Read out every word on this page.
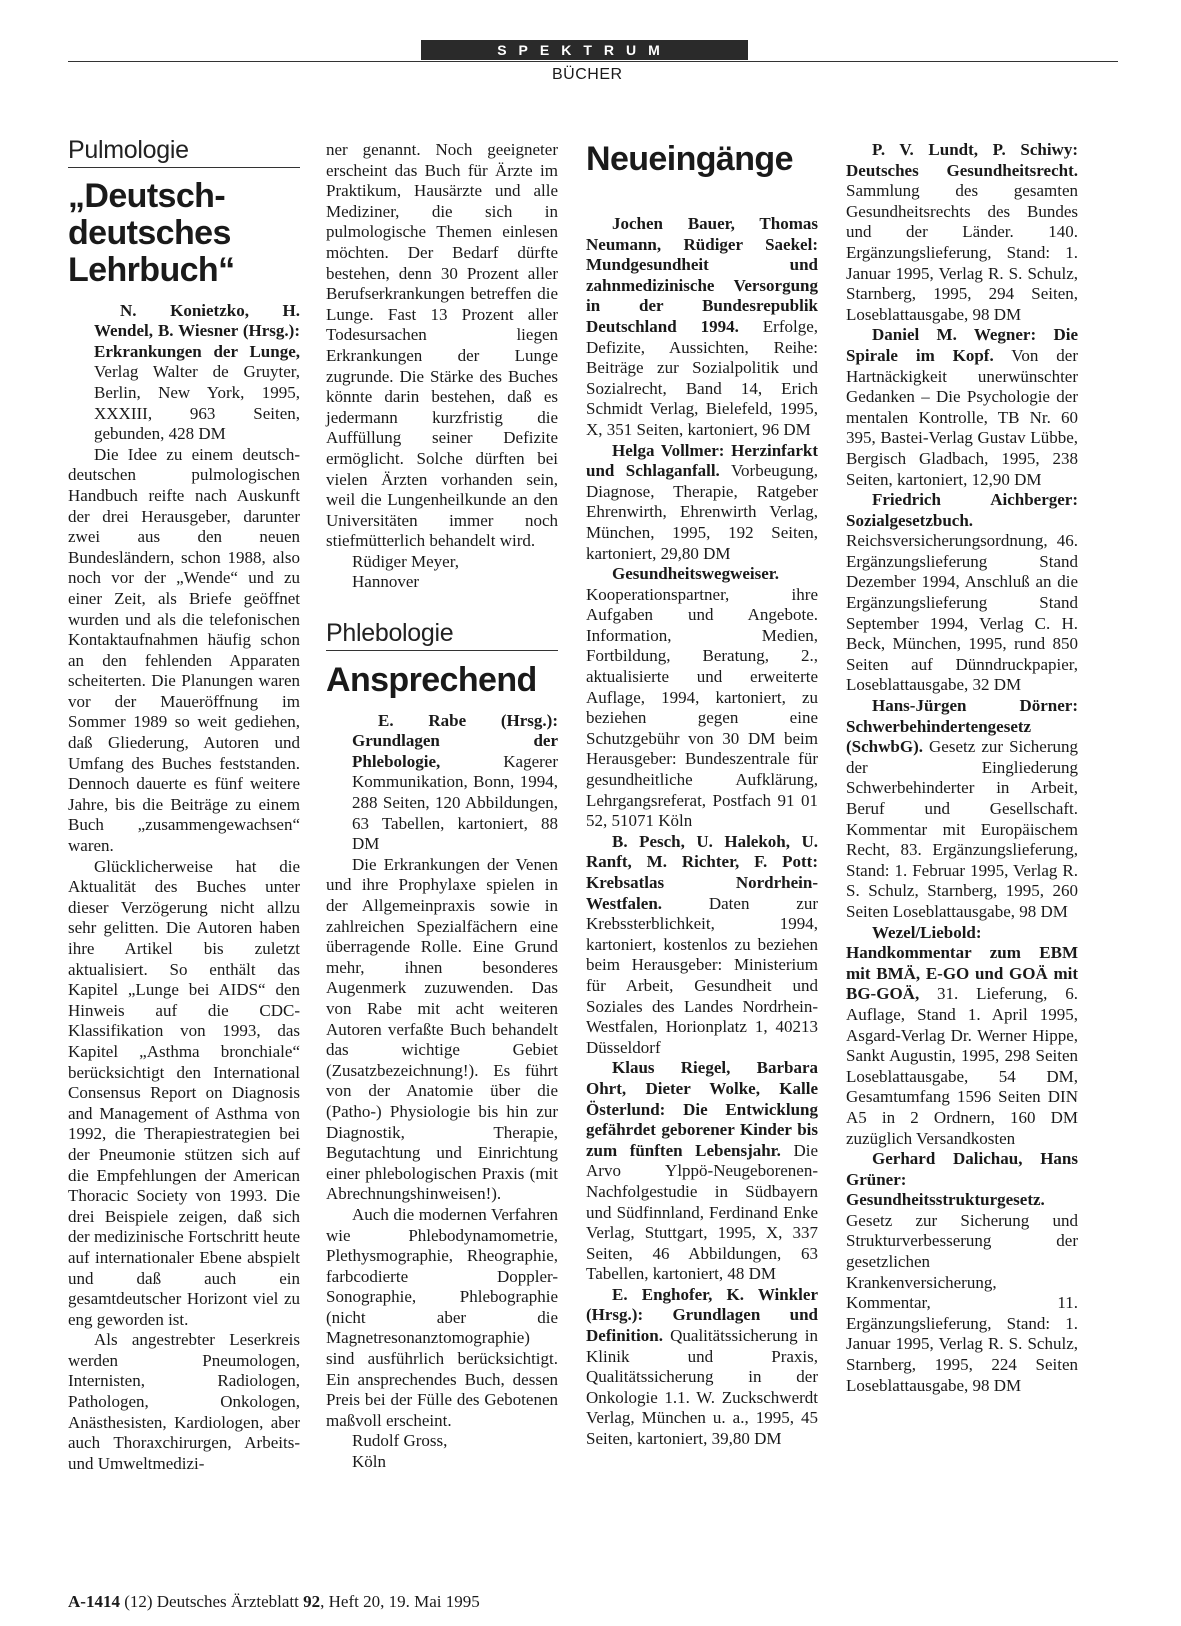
SPEKTRUM
BÜCHER
Pulmologie
„Deutsch-deutsches Lehrbuch“

N. Konietzko, H. Wendel, B. Wiesner (Hrsg.): Erkrankungen der Lunge, Verlag Walter de Gruyter, Berlin, New York, 1995, XXXIII, 963 Seiten, gebunden, 428 DM

Die Idee zu einem deutsch-deutschen pulmologischen Handbuch reifte nach Auskunft der drei Herausgeber, darunter zwei aus den neuen Bundesländern, schon 1988, also noch vor der „Wende“ und zu einer Zeit, als Briefe geöffnet wurden und als die telefonischen Kontaktaufnahmen häufig schon an den fehlenden Apparaten scheiterten. Die Planungen waren vor der Maueröffnung im Sommer 1989 so weit gediehen, daß Gliederung, Autoren und Umfang des Buches feststanden. Dennoch dauerte es fünf weitere Jahre, bis die Beiträge zu einem Buch „zusammengewachsen“ waren.

Glücklicherweise hat die Aktualität des Buches unter dieser Verzögerung nicht allzu sehr gelitten. Die Autoren haben ihre Artikel bis zuletzt aktualisiert. So enthält das Kapitel „Lunge bei AIDS“ den Hinweis auf die CDC-Klassifikation von 1993, das Kapitel „Asthma bronchiale“ berücksichtigt den International Consensus Report on Diagnosis and Management of Asthma von 1992, die Therapiestrategien bei der Pneumonie stützen sich auf die Empfehlungen der American Thoracic Society von 1993. Die drei Beispiele zeigen, daß sich der medizinische Fortschritt heute auf internationaler Ebene abspielt und daß auch ein gesamtdeutscher Horizont viel zu eng geworden ist.

Als angestrebter Leserkreis werden Pneumologen, Internisten, Radiologen, Pathologen, Onkologen, Anästhesisten, Kardiologen, aber auch Thoraxchirurgen, Arbeits- und Umweltmedizi-

ner genannt. Noch geeigneter erscheint das Buch für Ärzte im Praktikum, Hausärzte und alle Mediziner, die sich in pulmologische Themen einlesen möchten. Der Bedarf dürfte bestehen, denn 30 Prozent aller Berufserkrankungen betreffen die Lunge. Fast 13 Prozent aller Todesursachen liegen Erkrankungen der Lunge zugrunde. Die Stärke des Buches könnte darin bestehen, daß es jedermann kurzfristig die Auffüllung seiner Defizite ermöglicht. Solche dürften bei vielen Ärzten vorhanden sein, weil die Lungenheilkunde an den Universitäten immer noch stiefmütterlich behandelt wird.

Rüdiger Meyer,

Hannover

Phlebologie
Ansprechend

E. Rabe (Hrsg.): Grundlagen der Phlebologie, Kagerer Kommunikation, Bonn, 1994, 288 Seiten, 120 Abbildungen, 63 Tabellen, kartoniert, 88 DM

Die Erkrankungen der Venen und ihre Prophylaxe spielen in der Allgemeinpraxis sowie in zahlreichen Spezialfächern eine überragende Rolle. Eine Grund mehr, ihnen besonderes Augenmerk zuzuwenden. Das von Rabe mit acht weiteren Autoren verfaßte Buch behandelt das wichtige Gebiet (Zusatzbezeichnung!). Es führt von der Anatomie über die (Patho-) Physiologie bis hin zur Diagnostik, Therapie, Begutachtung und Einrichtung einer phlebologischen Praxis (mit Abrechnungshinweisen!).

Auch die modernen Verfahren wie Phlebodynamometrie, Plethysmographie, Rheographie, farbcodierte Doppler-Sonographie, Phlebographie (nicht aber die Magnetresonanztomographie) sind ausführlich berücksichtigt. Ein ansprechendes Buch, dessen Preis bei der Fülle des Gebotenen maßvoll erscheint.

Rudolf Gross,

Köln

Neueingänge

Jochen Bauer, Thomas Neumann, Rüdiger Saekel: Mundgesundheit und zahnmedizinische Versorgung in der Bundesrepublik Deutschland 1994. Erfolge, Defizite, Aussichten, Reihe: Beiträge zur Sozialpolitik und Sozialrecht, Band 14, Erich Schmidt Verlag, Bielefeld, 1995, X, 351 Seiten, kartoniert, 96 DM

Helga Vollmer: Herzinfarkt und Schlaganfall. Vorbeugung, Diagnose, Therapie, Ratgeber Ehrenwirth, Ehrenwirth Verlag, München, 1995, 192 Seiten, kartoniert, 29,80 DM

Gesundheitswegweiser. Kooperationspartner, ihre Aufgaben und Angebote. Information, Medien, Fortbildung, Beratung, 2., aktualisierte und erweiterte Auflage, 1994, kartoniert, zu beziehen gegen eine Schutzgebühr von 30 DM beim Herausgeber: Bundeszentrale für gesundheitliche Aufklärung, Lehrgangsreferat, Postfach 91 01 52, 51071 Köln

B. Pesch, U. Halekoh, U. Ranft, M. Richter, F. Pott: Krebsatlas Nordrhein-Westfalen. Daten zur Krebssterblichkeit, 1994, kartoniert, kostenlos zu beziehen beim Herausgeber: Ministerium für Arbeit, Gesundheit und Soziales des Landes Nordrhein-Westfalen, Horionplatz 1, 40213 Düsseldorf

Klaus Riegel, Barbara Ohrt, Dieter Wolke, Kalle Österlund: Die Entwicklung gefährdet geborener Kinder bis zum fünften Lebensjahr. Die Arvo Ylppö-Neugeborenen-Nachfolgestudie in Südbayern und Südfinnland, Ferdinand Enke Verlag, Stuttgart, 1995, X, 337 Seiten, 46 Abbildungen, 63 Tabellen, kartoniert, 48 DM

E. Enghofer, K. Winkler (Hrsg.): Grundlagen und Definition. Qualitätssicherung in Klinik und Praxis, Qualitätssicherung in der Onkologie 1.1. W. Zuckschwerdt Verlag, München u. a., 1995, 45 Seiten, kartoniert, 39,80 DM

P. V. Lundt, P. Schiwy: Deutsches Gesundheitsrecht. Sammlung des gesamten Gesundheitsrechts des Bundes und der Länder. 140. Ergänzungslieferung, Stand: 1. Januar 1995, Verlag R. S. Schulz, Starnberg, 1995, 294 Seiten, Loseblattausgabe, 98 DM

Daniel M. Wegner: Die Spirale im Kopf. Von der Hartnäckigkeit unerwünschter Gedanken – Die Psychologie der mentalen Kontrolle, TB Nr. 60 395, Bastei-Verlag Gustav Lübbe, Bergisch Gladbach, 1995, 238 Seiten, kartoniert, 12,90 DM

Friedrich Aichberger: Sozialgesetzbuch. Reichsversicherungsordnung, 46. Ergänzungslieferung Stand Dezember 1994, Anschluß an die Ergänzungslieferung Stand September 1994, Verlag C. H. Beck, München, 1995, rund 850 Seiten auf Dünndruckpapier, Loseblattausgabe, 32 DM

Hans-Jürgen Dörner: Schwerbehindertengesetz (SchwbG). Gesetz zur Sicherung der Eingliederung Schwerbehinderter in Arbeit, Beruf und Gesellschaft. Kommentar mit Europäischem Recht, 83. Ergänzungslieferung, Stand: 1. Februar 1995, Verlag R. S. Schulz, Starnberg, 1995, 260 Seiten Loseblattausgabe, 98 DM

Wezel/Liebold: Handkommentar zum EBM mit BMÄ, E-GO und GOÄ mit BG-GOÄ, 31. Lieferung, 6. Auflage, Stand 1. April 1995, Asgard-Verlag Dr. Werner Hippe, Sankt Augustin, 1995, 298 Seiten Loseblattausgabe, 54 DM, Gesamtumfang 1596 Seiten DIN A5 in 2 Ordnern, 160 DM zuzüglich Versandkosten

Gerhard Dalichau, Hans Grüner: Gesundheitsstrukturgesetz. Gesetz zur Sicherung und Strukturverbesserung der gesetzlichen Krankenversicherung, Kommentar, 11. Ergänzungslieferung, Stand: 1. Januar 1995, Verlag R. S. Schulz, Starnberg, 1995, 224 Seiten Loseblattausgabe, 98 DM

A-1414 (12) Deutsches Ärzteblatt 92, Heft 20, 19. Mai 1995
